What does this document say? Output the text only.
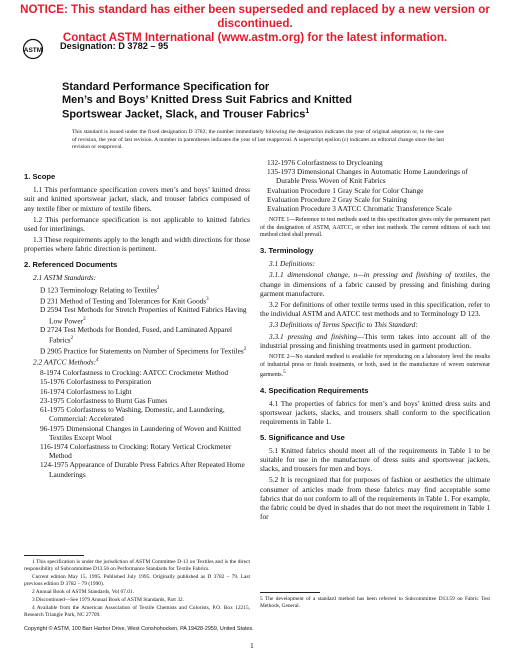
NOTICE: This standard has either been superseded and replaced by a new version or discontinued.
Contact ASTM International (www.astm.org) for the latest information.
ASTM Designation: D 3782 – 95
Standard Performance Specification for
Men’s and Boys’ Knitted Dress Suit Fabrics and Knitted
Sportswear Jacket, Slack, and Trouser Fabrics$^1$
This standard is issued under the fixed designation D 3782; the number immediately following the designation indicates the year of original adoption or, in the case of revision, the year of last revision. A number in parentheses indicates the year of last reapproval. A superscript epsilon (ε) indicates an editorial change since the last revision or reapproval.
1. Scope

1.1 This performance specification covers men’s and boys’ knitted dress suit and knitted sportswear jacket, slack, and trouser fabrics composed of any textile fiber or mixture of textile fibers.

1.2 This performance specification is not applicable to knitted fabrics used for interlinings.

1.3 These requirements apply to the length and width directions for those properties where fabric direction is pertinent.

2. Referenced Documents

2.1 ASTM Standards:

D 123 Terminology Relating to Textiles$^2$

D 231 Method of Testing and Tolerances for Knit Goods$^3$

D 2594 Test Methods for Stretch Properties of Knitted Fabrics Having Low Power$^2$

D 2724 Test Methods for Bonded, Fused, and Laminated Apparel Fabrics$^2$

D 2905 Practice for Statements on Number of Specimens for Textiles$^2$

2.2 AATCC Methods:$^4$

8-1974 Colorfastness to Crocking: AATCC Crockmeter Method

15-1976 Colorfastness to Perspiration

16-1974 Colorfastness to Light

23-1975 Colorfastness to Burnt Gas Fumes

61-1975 Colorfastness to Washing, Domestic, and Laundering, Commercial: Accelerated

96-1975 Dimensional Changes in Laundering of Woven and Knitted Textiles Except Wool

116-1974 Colorfastness to Crocking: Rotary Vertical Crockmeter Method

124-1975 Appearance of Durable Press Fabrics After Repeated Home Launderings

132-1976 Colorfastness to Drycleaning

135-1973 Dimensional Changes in Automatic Home Launderings of Durable Press Woven of Knit Fabrics

Evaluation Procedure 1 Gray Scale for Color Change

Evaluation Procedure 2 Gray Scale for Staining

Evaluation Procedure 3 AATCC Chromatic Transference Scale

NOTE 1—Reference to test methods used in this specification gives only the permanent part of the designation of ASTM, AATCC, or other test methods. The current editions of each test method cited shall prevail.

3. Terminology

3.1 Definitions:

3.1.1 dimensional change, n—in pressing and finishing of textiles, the change in dimensions of a fabric caused by pressing and finishing during garment manufacture.

3.2 For definitions of other textile terms used in this specification, refer to the individual ASTM and AATCC test methods and to Terminology D 123.

3.3 Definitions of Terms Specific to This Standard:

3.3.1 pressing and finishing—This term takes into account all of the industrial pressing and finishing treatments used in garment production.

NOTE 2—No standard method is available for reproducing on a laboratory level the results of industrial press or finish treatments, or both, used in the manufacture of woven outerwear garments.$^5$

4. Specification Requirements

4.1 The properties of fabrics for men’s and boys’ knitted dress suits and sportswear jackets, slacks, and trousers shall conform to the specification requirements in Table 1.

5. Significance and Use

5.1 Knitted fabrics should meet all of the requirements in Table 1 to be suitable for use in the manufacture of dress suits and sportswear jackets, slacks, and trousers for men and boys.

5.2 It is recognized that for purposes of fashion or aesthetics the ultimate consumer of articles made from these fabrics may find acceptable some fabrics that do not conform to all of the requirements in Table 1. For example, the fabric could be dyed in shades that do not meet the requirement in Table 1 for

1 This specification is under the jurisdiction of ASTM Committee D-13 on Textiles and is the direct responsibility of Subcommittee D13.56 on Performance Standards for Textile Fabrics.

Current edition May 15, 1995. Published July 1995. Originally published as D 3782 – 79. Last previous edition D 3782 – 79 (1990).

2 Annual Book of ASTM Standards, Vol 07.01.

3 Discontinued—See 1979 Annual Book of ASTM Standards, Part 32.

4 Available from the American Association of Textile Chemists and Colorists, P.O. Box 12215, Research Triangle Park, NC 27709.

5 The development of a standard method has been referred to Subcommittee D13.59 on Fabric Test Methods, General.
Copyright © ASTM, 100 Barr Harbor Drive, West Conshohocken, PA 19428-2959, United States.
1
